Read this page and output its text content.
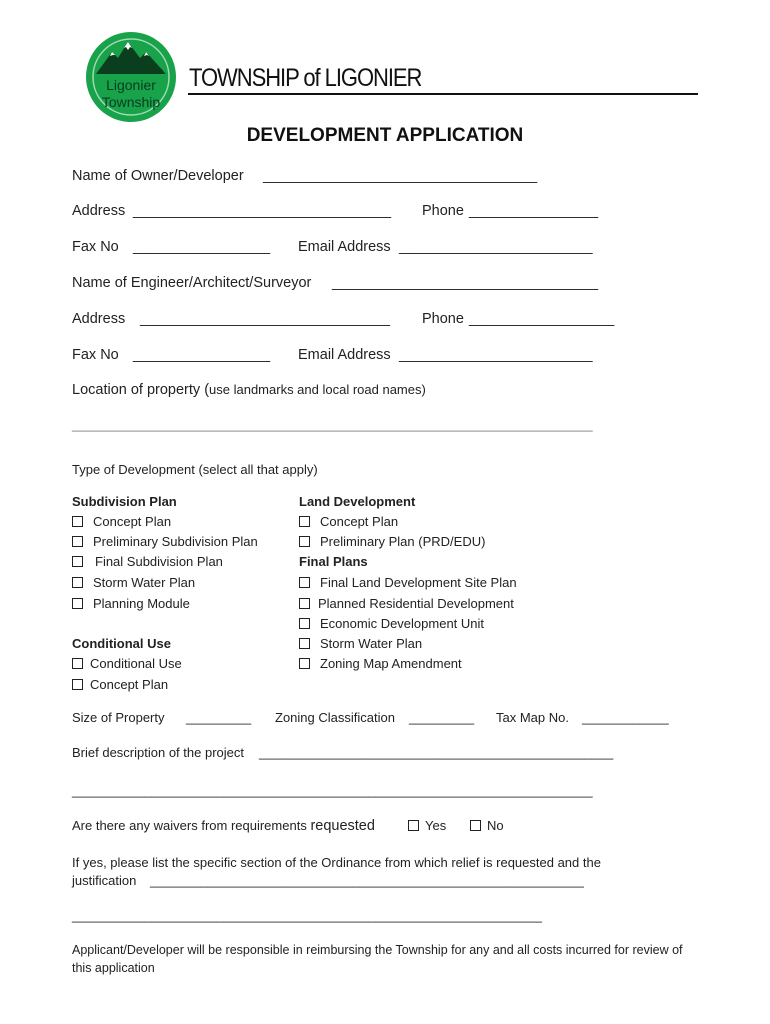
Ligonier
Township
TOWNSHIP of LIGONIER
DEVELOPMENT APPLICATION
Name of Owner/Developer __________________________________
Address ________________________________ Phone ________________
Fax No _________________ Email Address ________________________
Name of Engineer/Architect/Surveyor _________________________________
Address _______________________________ Phone __________________
Fax No _________________ Email Address ________________________
Location of property (use landmarks and local road names)
________________________________________________________________________
Type of Development (select all that apply)
Subdivision Plan
Concept Plan
Preliminary Subdivision Plan
Final Subdivision Plan
Storm Water Plan
Planning Module
Conditional Use
Conditional Use
Concept Plan
Land Development
Concept Plan
Preliminary Plan (PRD/EDU)
Final Plans
Final Land Development Site Plan
Planned Residential Development
Economic Development Unit
Storm Water Plan
Zoning Map Amendment
Size of Property _________ Zoning Classification _________ Tax Map No. ____________
Brief description of the project _________________________________________________
________________________________________________________________________
Are there any waivers from requirements requested	Yes	No
If yes, please list the specific section of the Ordinance from which relief is requested and the
justification ____________________________________________________________
_________________________________________________________________
Applicant/Developer will be responsible in reimbursing the Township for any and all costs incurred for review of this application
